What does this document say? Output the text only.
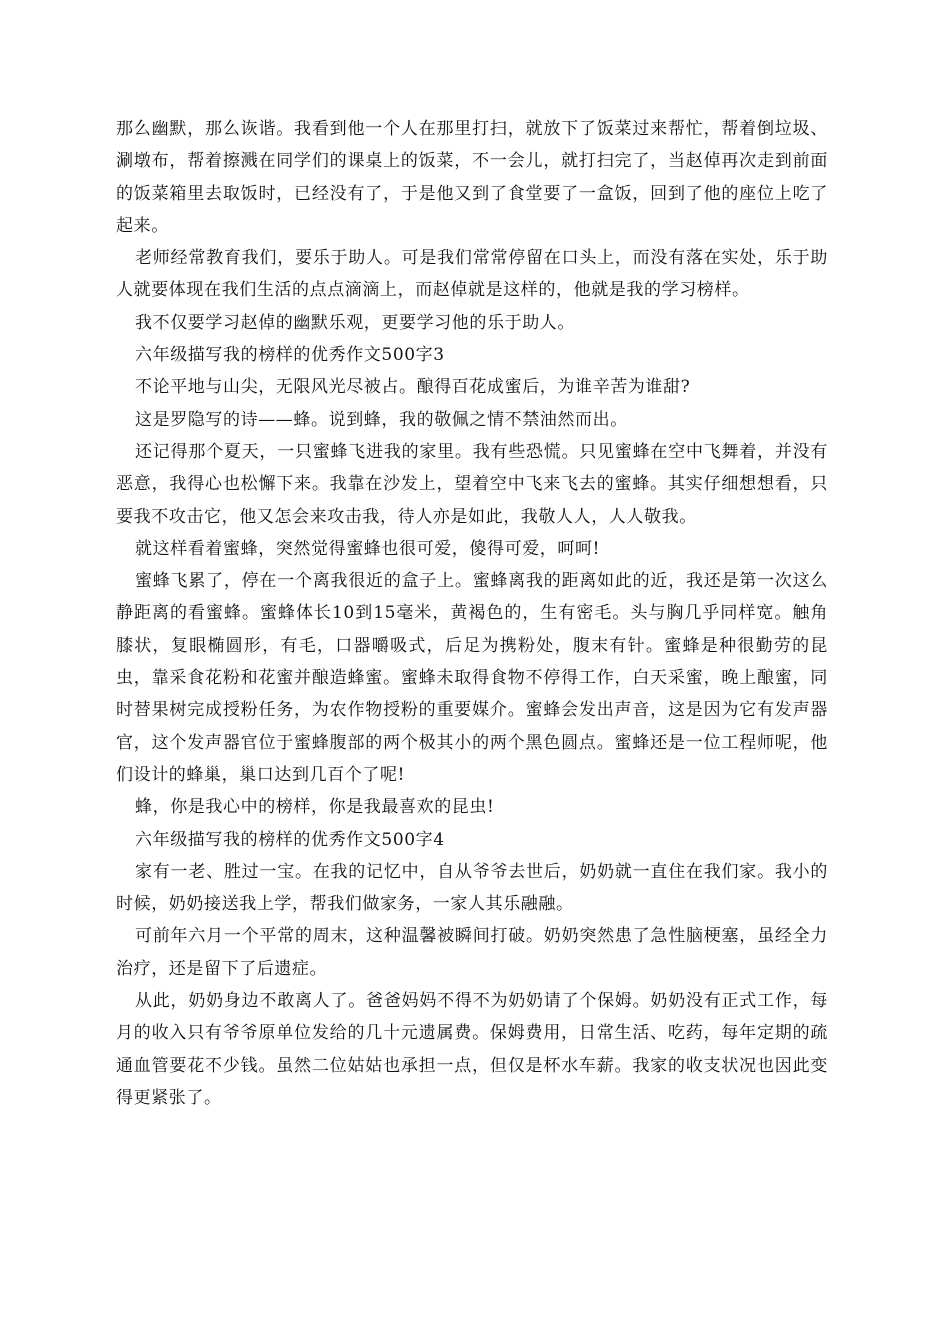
那么幽默，那么诙谐。我看到他一个人在那里打扫，就放下了饭菜过来帮忙，帮着倒垃圾、涮墩布，帮着擦溅在同学们的课桌上的饭菜，不一会儿，就打扫完了，当赵倬再次走到前面的饭菜箱里去取饭时，已经没有了，于是他又到了食堂要了一盒饭，回到了他的座位上吃了起来。

老师经常教育我们，要乐于助人。可是我们常常停留在口头上，而没有落在实处，乐于助人就要体现在我们生活的点点滴滴上，而赵倬就是这样的，他就是我的学习榜样。

我不仅要学习赵倬的幽默乐观，更要学习他的乐于助人。

六年级描写我的榜样的优秀作文500字3

不论平地与山尖，无限风光尽被占。酿得百花成蜜后，为谁辛苦为谁甜?

这是罗隐写的诗——蜂。说到蜂，我的敬佩之情不禁油然而出。

还记得那个夏天，一只蜜蜂飞进我的家里。我有些恐慌。只见蜜蜂在空中飞舞着，并没有恶意，我得心也松懈下来。我靠在沙发上，望着空中飞来飞去的蜜蜂。其实仔细想想看，只要我不攻击它，他又怎会来攻击我，待人亦是如此，我敬人人，人人敬我。

就这样看着蜜蜂，突然觉得蜜蜂也很可爱，傻得可爱，呵呵!

蜜蜂飞累了，停在一个离我很近的盒子上。蜜蜂离我的距离如此的近，我还是第一次这么静距离的看蜜蜂。蜜蜂体长10到15毫米，黄褐色的，生有密毛。头与胸几乎同样宽。触角膝状，复眼椭圆形，有毛，口器嚼吸式，后足为携粉处，腹末有针。蜜蜂是种很勤劳的昆虫，靠采食花粉和花蜜并酿造蜂蜜。蜜蜂未取得食物不停得工作，白天采蜜，晚上酿蜜，同时替果树完成授粉任务，为农作物授粉的重要媒介。蜜蜂会发出声音，这是因为它有发声器官，这个发声器官位于蜜蜂腹部的两个极其小的两个黑色圆点。蜜蜂还是一位工程师呢，他们设计的蜂巢，巢口达到几百个了呢!

蜂，你是我心中的榜样，你是我最喜欢的昆虫!

六年级描写我的榜样的优秀作文500字4

家有一老、胜过一宝。在我的记忆中，自从爷爷去世后，奶奶就一直住在我们家。我小的时候，奶奶接送我上学，帮我们做家务，一家人其乐融融。

可前年六月一个平常的周末，这种温馨被瞬间打破。奶奶突然患了急性脑梗塞，虽经全力治疗，还是留下了后遗症。

从此，奶奶身边不敢离人了。爸爸妈妈不得不为奶奶请了个保姆。奶奶没有正式工作，每月的收入只有爷爷原单位发给的几十元遗属费。保姆费用，日常生活、吃药，每年定期的疏通血管要花不少钱。虽然二位姑姑也承担一点，但仅是杯水车薪。我家的收支状况也因此变得更紧张了。
